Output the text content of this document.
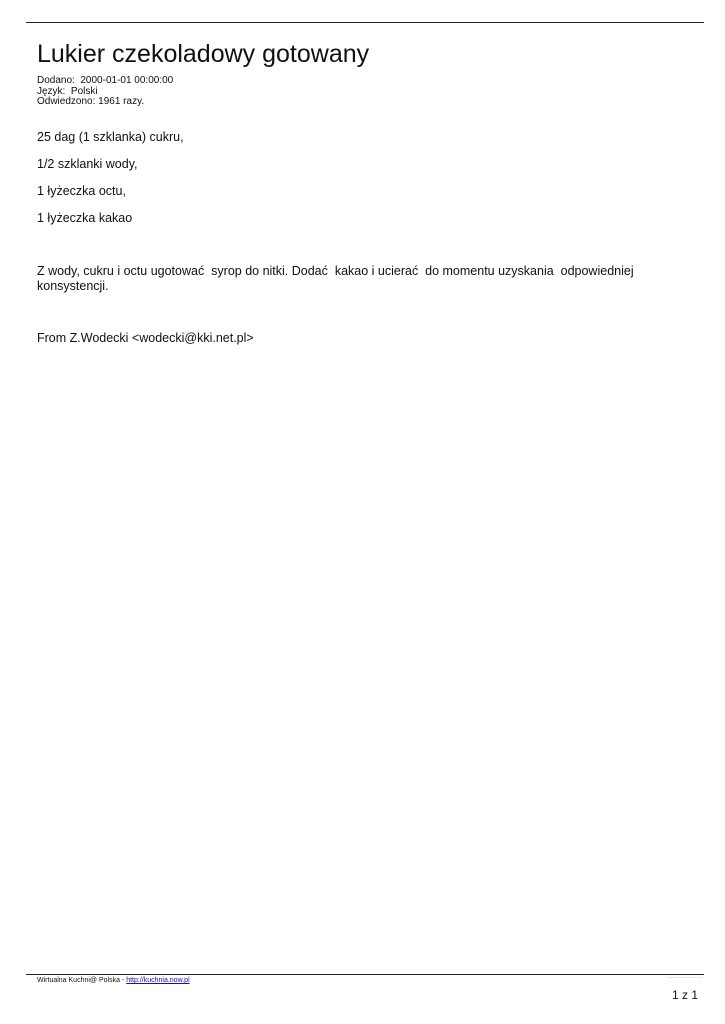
Lukier czekoladowy gotowany
Dodano:  2000-01-01 00:00:00
Język:  Polski
Odwiedzono: 1961 razy.
25 dag (1 szklanka) cukru,
1/2 szklanki wody,
1 łyżeczka octu,
1 łyżeczka kakao

Z wody, cukru i octu ugotować  syrop do nitki. Dodać  kakao i ucierać  do momentu uzyskania  odpowiedniej konsystencji.

From Z.Wodecki <wodecki@kki.net.pl>

Wirtualna Kuchni@ Polska - http://kuchnia.now.pl
1 z 1
